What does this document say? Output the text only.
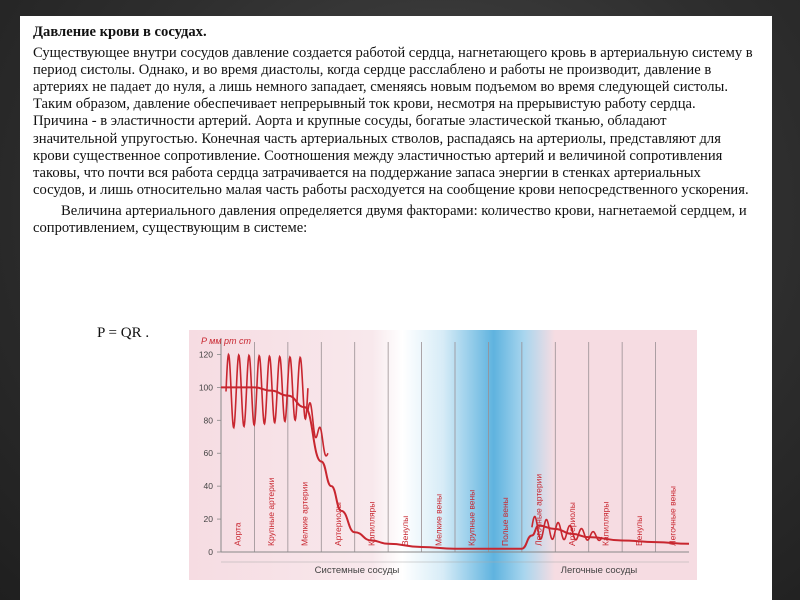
Давление крови в сосудах.

Существующее внутри сосудов давление создается работой сердца, нагнетающего кровь в артериальную систему в период систолы. Однако, и во время диастолы, когда сердце расслаблено и работы не производит, давление в артериях не падает до нуля, а лишь немного западает, сменяясь новым подъемом во время следующей систолы. Таким образом, давление обеспечивает непрерывный ток крови, несмотря на прерывистую работу сердца. Причина - в эластичности артерий. Аорта и крупные сосуды, богатые эластической тканью, обладают значительной упругостью. Конечная часть артериальных стволов, распадаясь на артериолы, представляют для крови существенное сопротивление. Соотношения между эластичностью артерий и величиной сопротивления таковы, что почти вся работа сердца затрачивается на поддержание запаса энергии в стенках артериальных сосудов, и лишь относительно малая часть работы расходуется на сообщение крови непосредственного ускорения.

Величина артериального давления определяется двумя факторами: количество крови, нагнетаемой сердцем, и сопротивлением, существующим в системе:

P = QR .
0
20
40
60
80
100
120
P мм рт ст
Аорта	Крупные артерии	Мелкие артерии	Артериолы	Капилляры	Венулы	Мелкие вены	Крупные вены	Полые вены	Легочные артерии	Артериолы	Капилляры	Венулы	Легочные вены
Системные сосуды	Легочные сосуды
